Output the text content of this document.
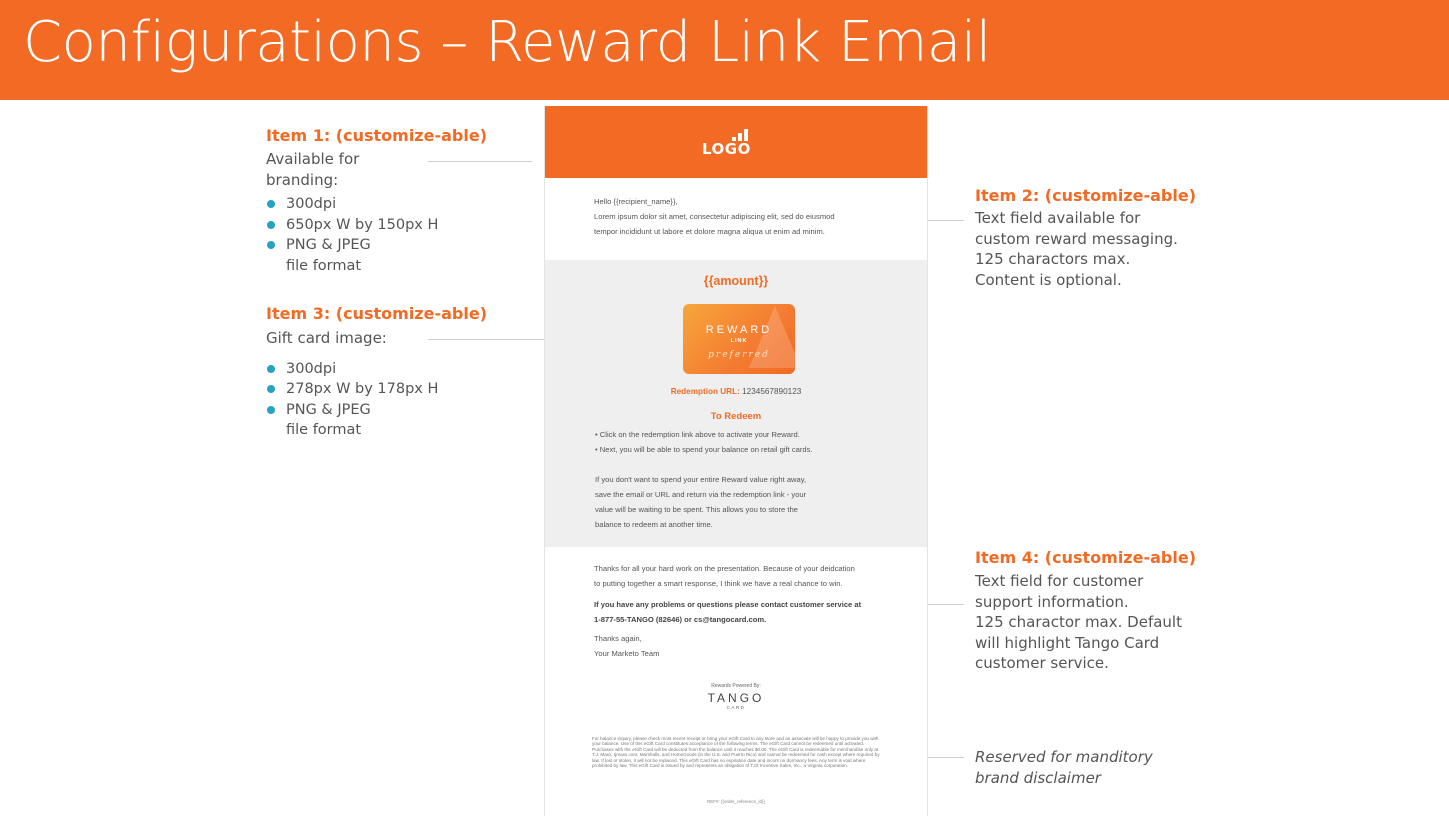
Configurations – Reward Link Email
Item 1: (customize-able)
Available for
branding:
300dpi
650px W by 150px H
PNG & JPEG
file format
Item 3: (customize-able)
Gift card image:
300dpi
278px W by 178px H
PNG & JPEG
file format
Item 2: (customize-able)
Text field available for
custom reward messaging.
125 charactors max.
Content is optional.
Item 4: (customize-able)
Text field for customer
support information.
125 charactor max. Default
will highlight Tango Card
customer service.
Reserved for manditory
brand disclaimer
LOGO
Hello {{recipient_name}},
Lorem ipsum dolor sit amet, consectetur adipiscing elit, sed do eiusmod
tempor incididunt ut labore et dolore magna aliqua ut enim ad minim.
{{amount}}
REWARD
LINK
preferred
Redemption URL: 1234567890123
To Redeem
• Click on the redemption link above to activate your Reward.
• Next, you will be able to spend your balance on retail gift cards.
If you don't want to spend your entire Reward value right away,
save the email or URL and return via the redemption link - your
value will be waiting to be spent. This allows you to store the
balance to redeem at another time.
Thanks for all your hard work on the presentation. Because of your deidcation
to putting together a smart response, I think we have a real chance to win.
If you have any problems or questions please contact customer service at
1-877-55-TANGO (82646) or cs@tangocard.com.
Thanks again,
Your Marketo Team
Rewards Powered By:
TANGO
CARD
For balance inquiry, please check most recent receipt or bring your eGift Card to any store and an associate will be happy to provide you with your balance. Use of this eGift Card constitutes acceptance of the following terms. The eGift Card cannot be redeemed until activated. Purchases with the eGift Card will be deducted from the balance until it reaches $0.00. The eGift Card is redeemable for merchandise only at T.J. Maxx, tjmaxx.com, Marshalls, and HomeGoods (in the U.S. and Puerto Rico) and cannot be redeemed for cash except where required by law. If lost or stolen, it will not be replaced. This eGift Card has no expiration date and incurs no dormancy fees. Any term is void where prohibited by law. This eGift Card is issued by and represents an obligation of TJX Incentive Sales, Inc., a Virginia corporation.
REF#: {{order_reference_id}}
